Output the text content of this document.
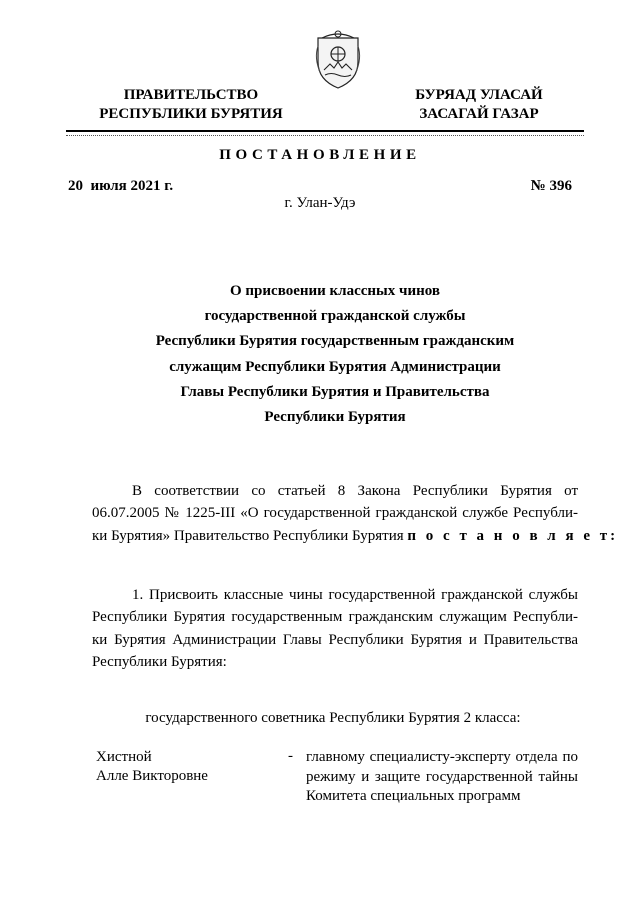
ПРАВИТЕЛЬСТВО
РЕСПУБЛИКИ БУРЯТИЯ
БУРЯАД УЛАСАЙ
ЗАСАГАЙ ГАЗАР
ПОСТАНОВЛЕНИЕ
20  июля 2021 г.	№ 396
г. Улан-Удэ
О присвоении классных чинов
государственной гражданской службы
Республики Бурятия государственным гражданским
служащим Республики Бурятия Администрации
Главы Республики Бурятия и Правительства
Республики Бурятия
В соответствии со статьей 8 Закона Республики Бурятия от
06.07.2005 № 1225-III «О государственной гражданской службе Республи-
ки Бурятия» Правительство Республики Бурятия п о с т а н о в л я е т:
1. Присвоить классные чины государственной гражданской службы
Республики Бурятия государственным гражданским служащим Республи-
ки Бурятия Администрации Главы Республики Бурятия и Правительства
Республики Бурятия:
государственного советника Республики Бурятия 2 класса:
Хистной
Алле Викторовне
- главному специалисту-эксперту отдела по
режиму и защите государственной тайны
Комитета специальных программ
